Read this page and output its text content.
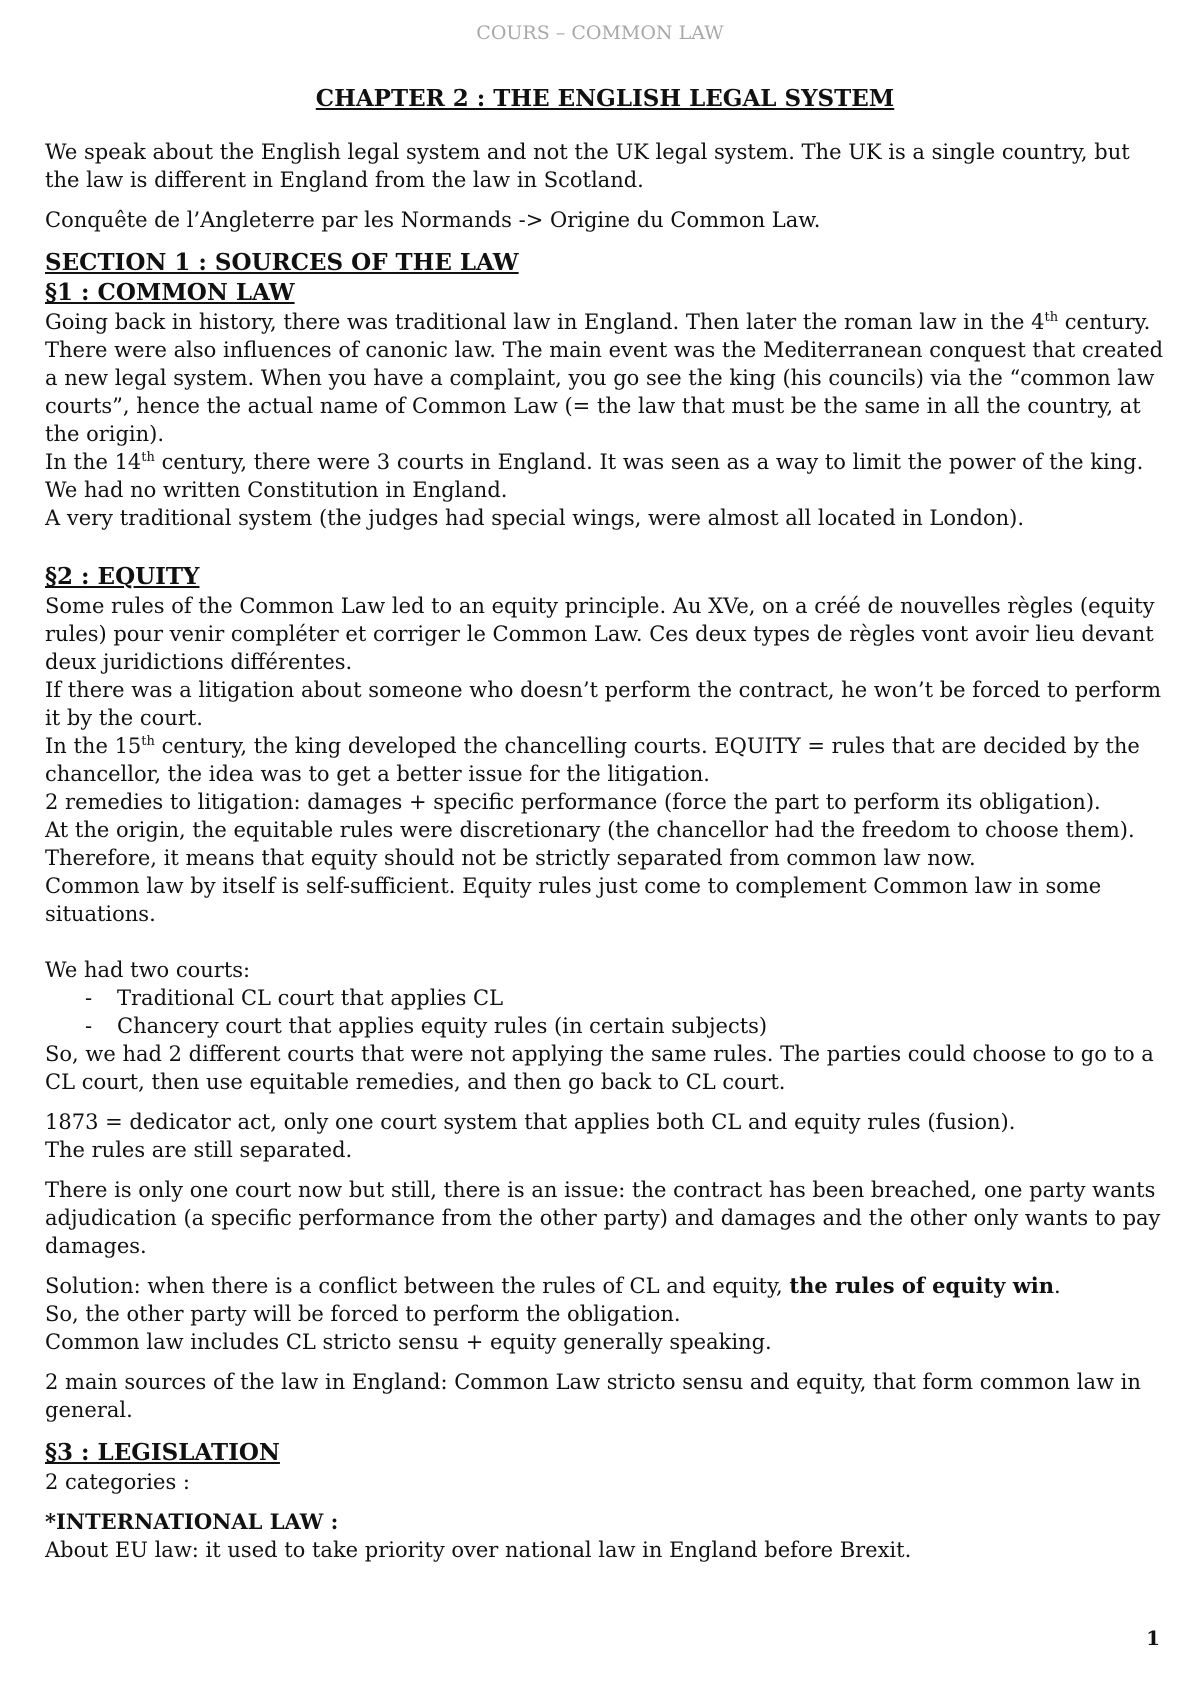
COURS – COMMON LAW
CHAPTER 2 : THE ENGLISH LEGAL SYSTEM

We speak about the English legal system and not the UK legal system. The UK is a single country, but the law is different in England from the law in Scotland.

Conquête de l’Angleterre par les Normands -> Origine du Common Law.

SECTION 1 : SOURCES OF THE LAW
§1 : COMMON LAW

Going back in history, there was traditional law in England. Then later the roman law in the 4th century. There were also influences of canonic law. The main event was the Mediterranean conquest that created a new legal system. When you have a complaint, you go see the king (his councils) via the “common law courts”, hence the actual name of Common Law (= the law that must be the same in all the country, at the origin).

In the 14th century, there were 3 courts in England. It was seen as a way to limit the power of the king.

We had no written Constitution in England.

A very traditional system (the judges had special wings, were almost all located in London).

§2 : EQUITY

Some rules of the Common Law led to an equity principle. Au XVe, on a créé de nouvelles règles (equity rules) pour venir compléter et corriger le Common Law. Ces deux types de règles vont avoir lieu devant deux juridictions différentes.

If there was a litigation about someone who doesn’t perform the contract, he won’t be forced to perform it by the court.

In the 15th century, the king developed the chancelling courts. EQUITY = rules that are decided by the chancellor, the idea was to get a better issue for the litigation.

2 remedies to litigation: damages + specific performance (force the part to perform its obligation).

At the origin, the equitable rules were discretionary (the chancellor had the freedom to choose them).

Therefore, it means that equity should not be strictly separated from common law now.

Common law by itself is self-sufficient. Equity rules just come to complement Common law in some situations.

We had two courts:

- Traditional CL court that applies CL
- Chancery court that applies equity rules (in certain subjects)

So, we had 2 different courts that were not applying the same rules. The parties could choose to go to a CL court, then use equitable remedies, and then go back to CL court.

1873 = dedicator act, only one court system that applies both CL and equity rules (fusion).

The rules are still separated.

There is only one court now but still, there is an issue: the contract has been breached, one party wants adjudication (a specific performance from the other party) and damages and the other only wants to pay damages.

Solution: when there is a conflict between the rules of CL and equity, the rules of equity win.

So, the other party will be forced to perform the obligation.

Common law includes CL stricto sensu + equity generally speaking.

2 main sources of the law in England: Common Law stricto sensu and equity, that form common law in general.

§3 : LEGISLATION

2 categories :

*INTERNATIONAL LAW :

About EU law: it used to take priority over national law in England before Brexit.

1
